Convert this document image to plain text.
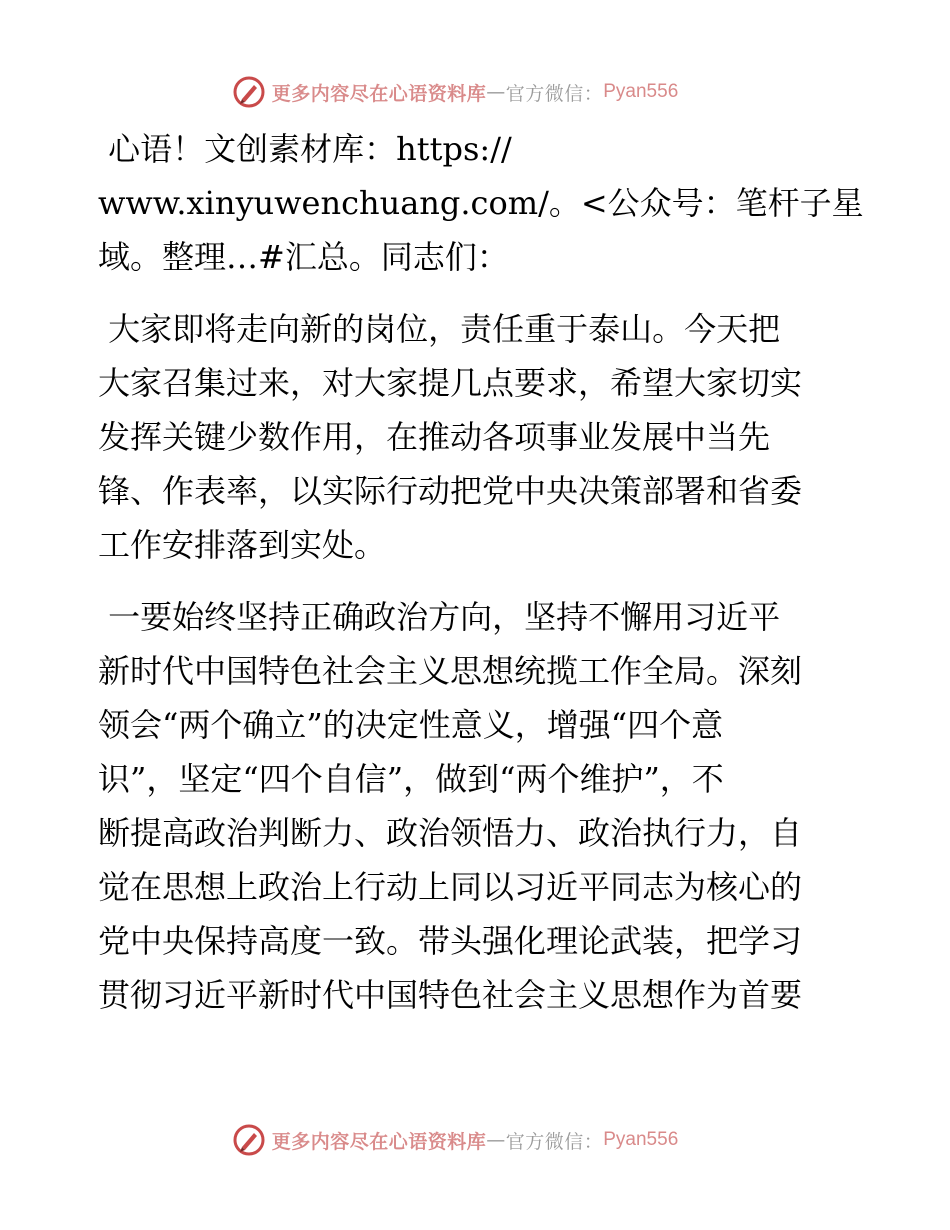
更多内容尽在心语资料库 — 官方微信： Pyan556
心语！文创素材库：https://
www.xinyuwenchuang.com/。<公众号：笔杆子星
域。整理…#汇总。同志们：
大家即将走向新的岗位，责任重于泰山。今天把
大家召集过来，对大家提几点要求，希望大家切实
发挥关键少数作用，在推动各项事业发展中当先
锋、作表率，以实际行动把党中央决策部署和省委
工作安排落到实处。
一要始终坚持正确政治方向，坚持不懈用习近平
新时代中国特色社会主义思想统揽工作全局。深刻
领会“两个确立”的决定性意义，增强“四个意
识”，坚定“四个自信”，做到“两个维护”，不
断提高政治判断力、政治领悟力、政治执行力，自
觉在思想上政治上行动上同以习近平同志为核心的
党中央保持高度一致。带头强化理论武装，把学习
贯彻习近平新时代中国特色社会主义思想作为首要
更多内容尽在心语资料库 — 官方微信： Pyan556
